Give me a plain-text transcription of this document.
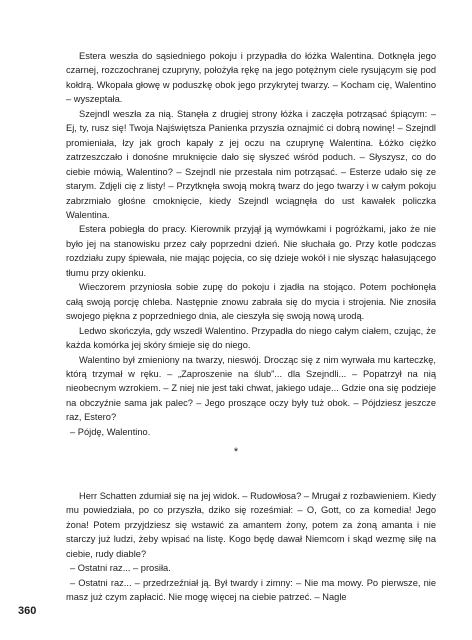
Estera weszła do sąsiedniego pokoju i przypadła do łóżka Walentina. Dotknęła jego czarnej, rozczochranej czupryny, położyła rękę na jego potężnym ciele rysującym się pod kołdrą. Wkopała głowę w poduszkę obok jego przykrytej twarzy. – Kocham cię, Walentino – wyszeptała.

Szejndl weszła za nią. Stanęła z drugiej strony łóżka i zaczęła potrząsać śpiącym: – Ej, ty, rusz się! Twoja Najświętsza Panienka przyszła oznajmić ci dobrą nowinę! – Szejndl promieniała, łzy jak groch kapały z jej oczu na czuprynę Walentina. Łóżko ciężko zatrzeszczało i donośne mruknięcie dało się słyszeć wśród poduch. – Słyszysz, co do ciebie mówią, Walentino? – Szejndl nie przestała nim potrząsać. – Esterze udało się ze starym. Zdjęli cię z listy! – Przytknęła swoją mokrą twarz do jego twarzy i w całym pokoju zabrzmiało głośne cmoknięcie, kiedy Szejndl wciągnęła do ust kawałek policzka Walentina.

Estera pobiegła do pracy. Kierownik przyjął ją wymówkami i pogróżkami, jako że nie było jej na stanowisku przez cały poprzedni dzień. Nie słuchała go. Przy kotle podczas rozdziału zupy śpiewała, nie mając pojęcia, co się dzieje wokół i nie słysząc hałasującego tłumu przy okienku.

Wieczorem przyniosła sobie zupę do pokoju i zjadła na stojąco. Potem pochłonęła całą swoją porcję chleba. Następnie znowu zabrała się do mycia i strojenia. Nie znosiła swojego piękna z poprzedniego dnia, ale cieszyła się swoją nową urodą.

Ledwo skończyła, gdy wszedł Walentino. Przypadła do niego całym ciałem, czując, że każda komórka jej skóry śmieje się do niego.

Walentino był zmieniony na twarzy, nieswój. Drocząc się z nim wyrwała mu karteczkę, którą trzymał w ręku. – „Zaproszenie na ślub”... dla Szejndli... – Popatrzył na nią nieobecnym wzrokiem. – Z niej nie jest taki chwat, jakiego udaje... Gdzie ona się podzieje na obczyźnie sama jak palec? – Jego proszące oczy były tuż obok. – Pójdziesz jeszcze raz, Estero?

– Pójdę, Walentino.

*

Herr Schatten zdumiał się na jej widok. – Rudowłosa? – Mrugał z rozbawieniem. Kiedy mu powiedziała, po co przyszła, dziko się roześmiał: – O, Gott, co za komedia! Jego żona! Potem przyjdziesz się wstawić za amantem żony, potem za żoną amanta i nie starczy już ludzi, żeby wpisać na listę. Kogo będę dawał Niemcom i skąd wezmę siłę na ciebie, rudy diable?

– Ostatni raz... – prosiła.

– Ostatni raz... – przedrzeźniał ją. Był twardy i zimny: – Nie ma mowy. Po pierwsze, nie masz już czym zapłacić. Nie mogę więcej na ciebie patrzeć. – Nagle

360
